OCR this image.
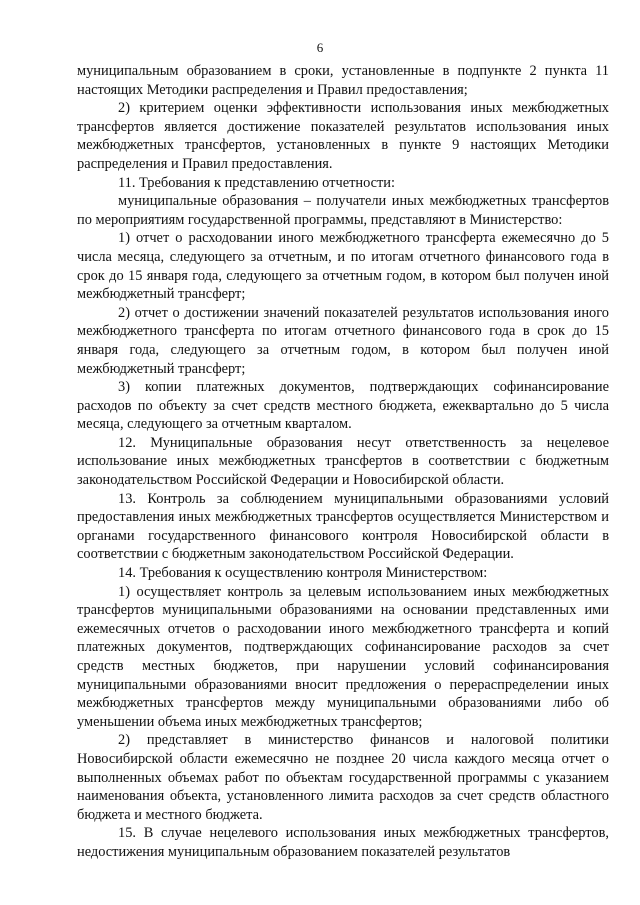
6

муниципальным образованием в сроки, установленные в подпункте 2 пункта 11 настоящих Методики распределения и Правил предоставления;

2) критерием оценки эффективности использования иных межбюджетных трансфертов является достижение показателей результатов использования иных межбюджетных трансфертов, установленных в пункте 9 настоящих Методики распределения и Правил предоставления.

11. Требования к представлению отчетности:

муниципальные образования – получатели иных межбюджетных трансфертов по мероприятиям государственной программы, представляют в Министерство:

1) отчет о расходовании иного межбюджетного трансферта ежемесячно до 5 числа месяца, следующего за отчетным, и по итогам отчетного финансового года в срок до 15 января года, следующего за отчетным годом, в котором был получен иной межбюджетный трансферт;

2) отчет о достижении значений показателей результатов использования иного межбюджетного трансферта по итогам отчетного финансового года в срок до 15 января года, следующего за отчетным годом, в котором был получен иной межбюджетный трансферт;

3) копии платежных документов, подтверждающих софинансирование расходов по объекту за счет средств местного бюджета, ежеквартально до 5 числа месяца, следующего за отчетным кварталом.

12. Муниципальные образования несут ответственность за нецелевое использование иных межбюджетных трансфертов в соответствии с бюджетным законодательством Российской Федерации и Новосибирской области.

13. Контроль за соблюдением муниципальными образованиями условий предоставления иных межбюджетных трансфертов осуществляется Министерством и органами государственного финансового контроля Новосибирской области в соответствии с бюджетным законодательством Российской Федерации.

14. Требования к осуществлению контроля Министерством:

1) осуществляет контроль за целевым использованием иных межбюджетных трансфертов муниципальными образованиями на основании представленных ими ежемесячных отчетов о расходовании иного межбюджетного трансферта и копий платежных документов, подтверждающих софинансирование расходов за счет средств местных бюджетов, при нарушении условий софинансирования муниципальными образованиями вносит предложения о перераспределении иных межбюджетных трансфертов между муниципальными образованиями либо об уменьшении объема иных межбюджетных трансфертов;

2) представляет в министерство финансов и налоговой политики Новосибирской области ежемесячно не позднее 20 числа каждого месяца отчет о выполненных объемах работ по объектам государственной программы с указанием наименования объекта, установленного лимита расходов за счет средств областного бюджета и местного бюджета.

15. В случае нецелевого использования иных межбюджетных трансфертов, недостижения муниципальным образованием показателей результатов
